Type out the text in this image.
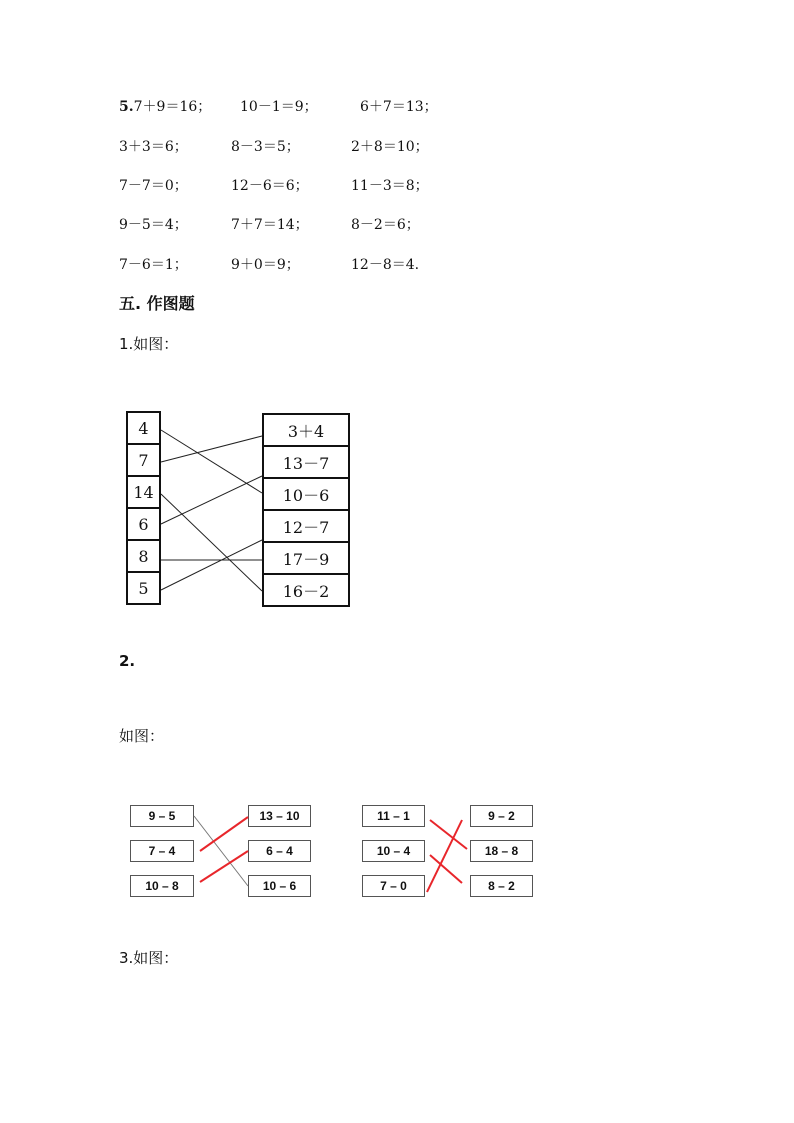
5.7＋9＝16； 10－1＝9；	6＋7＝13；
3＋3＝6；	8－3＝5；	2＋8＝10；
7－7＝0；	12－6＝6；	11－3＝8；
9－5＝4；	7＋7＝14；	8－2＝6；
7－6＝1；	9＋0＝9；	12－8＝4.
五. 作图题
1.如图：
4
7
14
6
8
5
3＋4
13－7
10－6
12－7
17－9
16－2
2.
如图：
9 – 5
7 – 4
10 – 8
13 – 10
6 – 4
10 – 6
11 – 1
10 – 4
7 – 0
9 – 2
18 – 8
8 – 2
3.如图：
